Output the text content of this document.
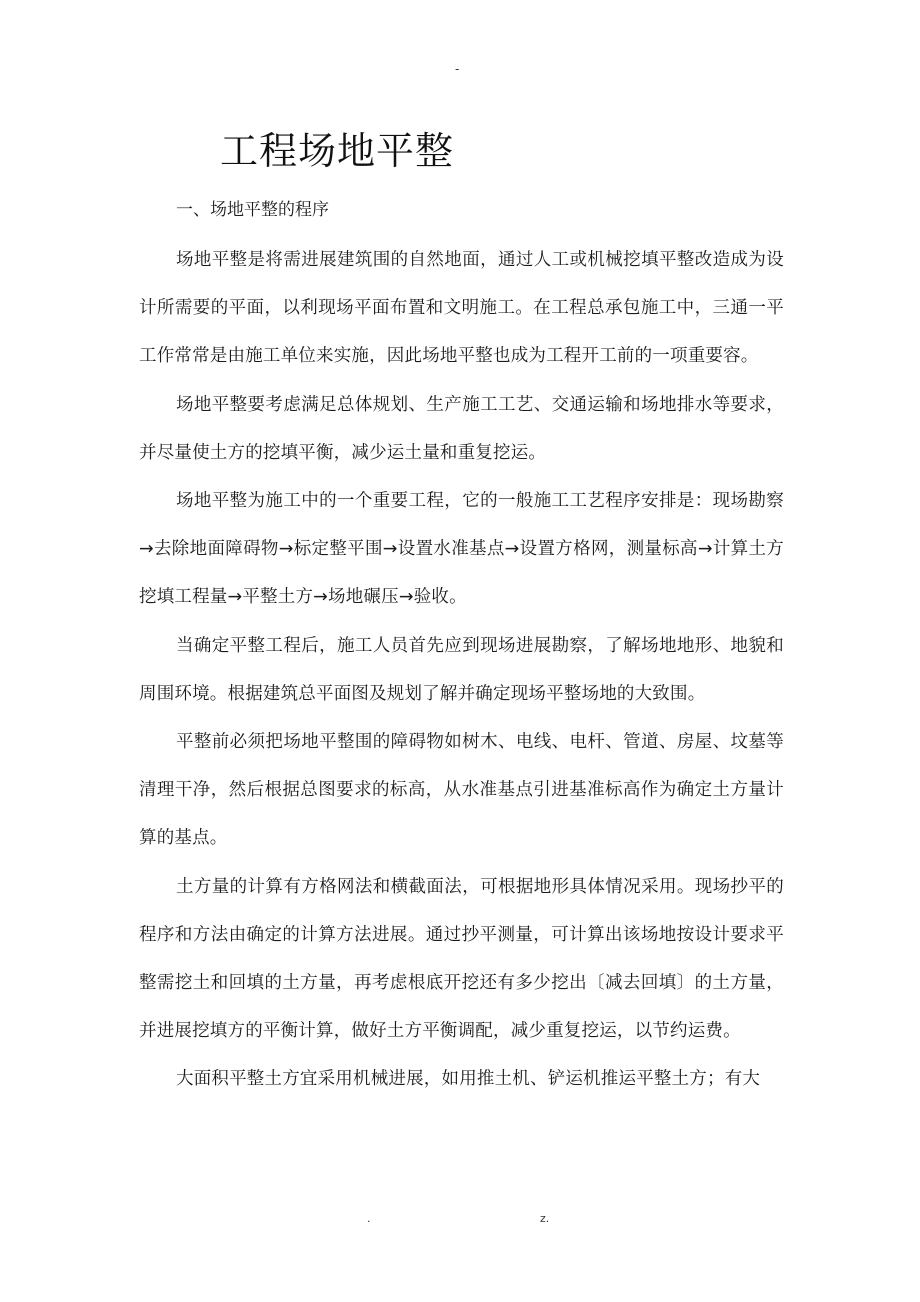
-
工程场地平整
一、场地平整的程序

场地平整是将需进展建筑围的自然地面，通过人工或机械挖填平整改造成为设计所需要的平面，以利现场平面布置和文明施工。在工程总承包施工中，三通一平工作常常是由施工单位来实施，因此场地平整也成为工程开工前的一项重要容。

场地平整要考虑满足总体规划、生产施工工艺、交通运输和场地排水等要求，并尽量使土方的挖填平衡，减少运土量和重复挖运。

场地平整为施工中的一个重要工程，它的一般施工工艺程序安排是：现场勘察→去除地面障碍物→标定整平围→设置水准基点→设置方格网，测量标高→计算土方挖填工程量→平整土方→场地碾压→验收。

当确定平整工程后，施工人员首先应到现场进展勘察，了解场地地形、地貌和周围环境。根据建筑总平面图及规划了解并确定现场平整场地的大致围。

平整前必须把场地平整围的障碍物如树木、电线、电杆、管道、房屋、坟墓等清理干净，然后根据总图要求的标高，从水准基点引进基准标高作为确定土方量计算的基点。

土方量的计算有方格网法和横截面法，可根据地形具体情况采用。现场抄平的程序和方法由确定的计算方法进展。通过抄平测量，可计算出该场地按设计要求平整需挖土和回填的土方量，再考虑根底开挖还有多少挖出〔减去回填〕的土方量，并进展挖填方的平衡计算，做好土方平衡调配，减少重复挖运，以节约运费。

大面积平整土方宜采用机械进展，如用推土机、铲运机推运平整土方；有大

.	z.
